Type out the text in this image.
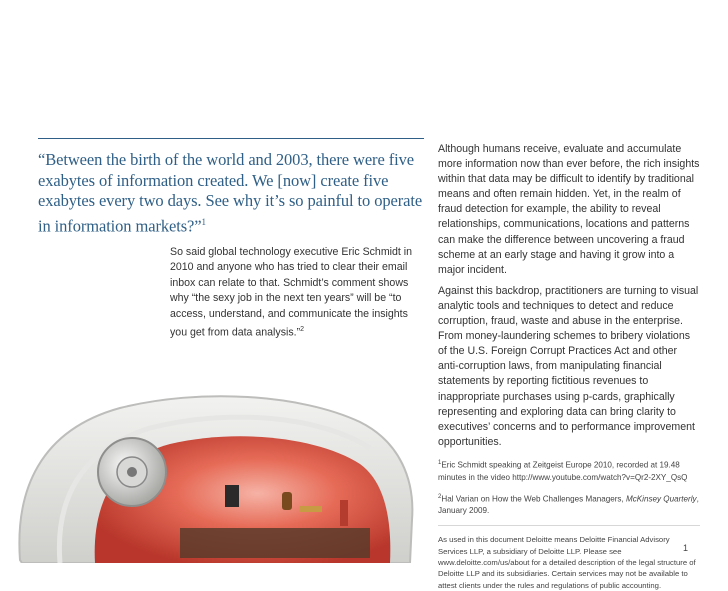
“Between the birth of the world and 2003, there were five exabytes of information created. We [now] create five exabytes every two days. See why it’s so painful to operate in information markets?”$^1$

So said global technology executive Eric Schmidt in 2010 and anyone who has tried to clear their email inbox can relate to that. Schmidt’s comment shows why “the sexy job in the next ten years” will be “to access, understand, and communicate the insights you get from data analysis.”$^2$

Although humans receive, evaluate and accumulate more information now than ever before, the rich insights within that data may be difficult to identify by traditional means and often remain hidden. Yet, in the realm of fraud detection for example, the ability to reveal relationships, communications, locations and patterns can make the difference between uncovering a fraud scheme at an early stage and having it grow into a major incident.

Against this backdrop, practitioners are turning to visual analytic tools and techniques to detect and reduce corruption, fraud, waste and abuse in the enterprise. From money-laundering schemes to bribery violations of the U.S. Foreign Corrupt Practices Act and other anti-corruption laws, from manipulating financial statements by reporting fictitious revenues to inappropriate purchases using p-cards, graphically representing and exploring data can bring clarity to executives’ concerns and to performance improvement opportunities.

$^1$Eric Schmidt speaking at Zeitgeist Europe 2010, recorded at 19.48 minutes in the video http://www.youtube.com/watch?v=Qr2-2XY_QsQ

$^2$Hal Varian on How the Web Challenges Managers, McKinsey Quarterly, January 2009.

As used in this document Deloitte means Deloitte Financial Advisory Services LLP, a subsidiary of Deloitte LLP. Please see www.deloitte.com/us/about for a detailed description of the legal structure of Deloitte LLP and its subsidiaries. Certain services may not be available to attest clients under the rules and regulations of public accounting.

1
